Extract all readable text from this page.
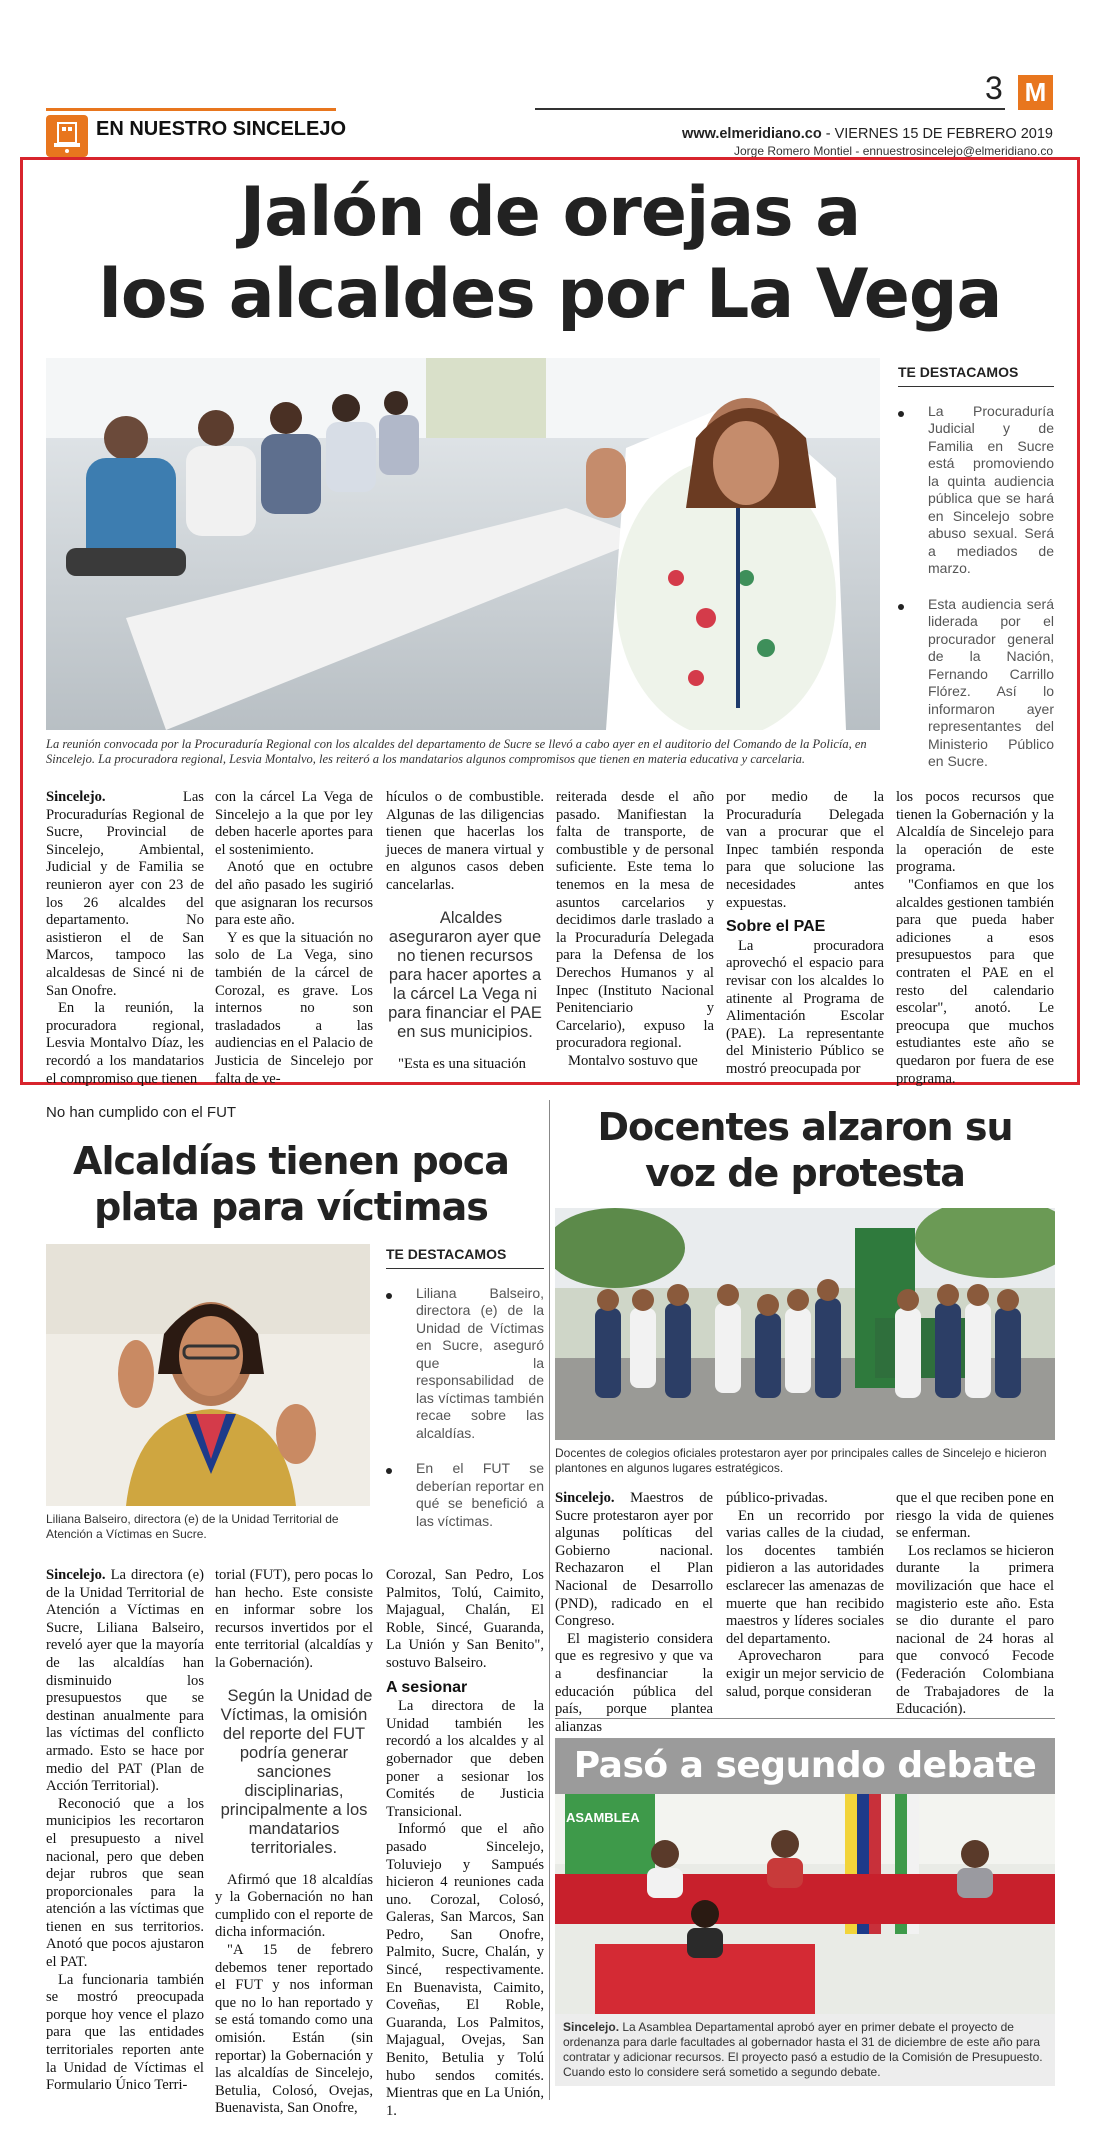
EN NUESTRO SINCELEJO
3 M
www.elmeridiano.co - VIERNES 15 DE FEBRERO 2019
Jorge Romero Montiel - ennuestrosincelejo@elmeridiano.co
Jalón de orejas a
los alcaldes por La Vega
La reunión convocada por la Procuraduría Regional con los alcaldes del departamento de Sucre se llevó a cabo ayer en el auditorio del Comando de la Policía, en Sincelejo. La procuradora regional, Lesvia Montalvo, les reiteró a los mandatarios algunos compromisos que tienen en materia educativa y carcelaria.
TE DESTACAMOS
La Procuraduría Judicial y de Familia en Sucre está promoviendo la quinta audiencia pública que se hará en Sincelejo sobre abuso sexual. Será a mediados de marzo.
Esta audiencia será liderada por el procurador general de la Nación, Fernando Carrillo Flórez. Así lo informaron ayer representantes del Ministerio Público en Sucre.

Sincelejo. Las Procuradurías Regional de Sucre, Provincial de Sincelejo, Ambiental, Judicial y de Familia se reunieron ayer con 23 de los 26 alcaldes del departamento. No asistieron el de San Marcos, tampoco las alcaldesas de Sincé ni de San Onofre.

En la reunión, la procuradora regional, Lesvia Montalvo Díaz, les recordó a los mandatarios el compromiso que tienen

con la cárcel La Vega de Sincelejo a la que por ley deben hacerle aportes para el sostenimiento.

Anotó que en octubre del año pasado les sugirió que asignaran los recursos para este año.

Y es que la situación no solo de La Vega, sino también de la cárcel de Corozal, es grave. Los internos no son trasladados a las audiencias en el Palacio de Justicia de Sincelejo por falta de ve-

hículos o de combustible. Algunas de las diligencias tienen que hacerlas los jueces de manera virtual y en algunos casos deben cancelarlas.

Alcaldes aseguraron ayer que no tienen recursos para hacer aportes a la cárcel La Vega ni para financiar el PAE en sus municipios.

"Esta es una situación

reiterada desde el año pasado. Manifiestan la falta de transporte, de combustible y de personal suficiente. Este tema lo tenemos en la mesa de asuntos carcelarios y decidimos darle traslado a la Procuraduría Delegada para la Defensa de los Derechos Humanos y al Inpec (Instituto Nacional Penitenciario y Carcelario), expuso la procuradora regional.

Montalvo sostuvo que

por medio de la Procuraduría Delegada van a procurar que el Inpec también responda para que solucione las necesidades antes expuestas.

Sobre el PAE

La procuradora aprovechó el espacio para revisar con los alcaldes lo atinente al Programa de Alimentación Escolar (PAE). La representante del Ministerio Público se mostró preocupada por

los pocos recursos que tienen la Gobernación y la Alcaldía de Sincelejo para la operación de este programa.

"Confiamos en que los alcaldes gestionen también para que pueda haber adiciones a esos presupuestos para que contraten el PAE en el resto del calendario escolar", anotó. Le preocupa que muchos estudiantes este año se quedaron por fuera de ese programa.

No han cumplido con el FUT
Alcaldías tienen poca
plata para víctimas
Liliana Balseiro, directora (e) de la Unidad Territorial de Atención a Víctimas en Sucre.
TE DESTACAMOS
Liliana Balseiro, directora (e) de la Unidad de Víctimas en Sucre, aseguró que la responsabilidad de las víctimas también recae sobre las alcaldías.
En el FUT se deberían reportar en qué se benefició a las víctimas.

Sincelejo. La directora (e) de la Unidad Territorial de Atención a Víctimas en Sucre, Liliana Balseiro, reveló ayer que la mayoría de las alcaldías han disminuido los presupuestos que se destinan anualmente para las víctimas del conflicto armado. Esto se hace por medio del PAT (Plan de Acción Territorial).

Reconoció que a los municipios les recortaron el presupuesto a nivel nacional, pero que deben dejar rubros que sean proporcionales para la atención a las víctimas que tienen en sus territorios. Anotó que pocos ajustaron el PAT.

La funcionaria también se mostró preocupada porque hoy vence el plazo para que las entidades territoriales reporten ante la Unidad de Víctimas el Formulario Único Terri-

torial (FUT), pero pocas lo han hecho. Este consiste en informar sobre los recursos invertidos por el ente territorial (alcaldías y la Gobernación).

Según la Unidad de Víctimas, la omisión del reporte del FUT podría generar sanciones disciplinarias, principalmente a los mandatarios territoriales.

Afirmó que 18 alcaldías y la Gobernación no han cumplido con el reporte de dicha información.

"A 15 de febrero debemos tener reportado el FUT y nos informan que no lo han reportado y se está tomando como una omisión. Están (sin reportar) la Gobernación y las alcaldías de Sincelejo, Betulia, Colosó, Ovejas, Buenavista, San Onofre,

Corozal, San Pedro, Los Palmitos, Tolú, Caimito, Majagual, Chalán, El Roble, Sincé, Guaranda, La Unión y San Benito", sostuvo Balseiro.

A sesionar

La directora de la Unidad también les recordó a los alcaldes y al gobernador que deben poner a sesionar los Comités de Justicia Transicional.

Informó que el año pasado Sincelejo, Toluviejo y Sampués hicieron 4 reuniones cada uno. Corozal, Colosó, Galeras, San Marcos, San Pedro, San Onofre, Palmito, Sucre, Chalán, y Sincé, respectivamente. En Buenavista, Caimito, Coveñas, El Roble, Guaranda, Los Palmitos, Majagual, Ovejas, San Benito, Betulia y Tolú hubo sendos comités. Mientras que en La Unión, 1.

Docentes alzaron su
voz de protesta
Docentes de colegios oficiales protestaron ayer por principales calles de Sincelejo e hicieron plantones en algunos lugares estratégicos.

Sincelejo. Maestros de Sucre protestaron ayer por algunas políticas del Gobierno nacional. Rechazaron el Plan Nacional de Desarrollo (PND), radicado en el Congreso.

El magisterio considera que es regresivo y que va a desfinanciar la educación pública del país, porque plantea alianzas

público-privadas.

En un recorrido por varias calles de la ciudad, los docentes también pidieron a las autoridades esclarecer las amenazas de muerte que han recibido maestros y líderes sociales del departamento.

Aprovecharon para exigir un mejor servicio de salud, porque consideran

que el que reciben pone en riesgo la vida de quienes se enferman.

Los reclamos se hicieron durante la primera movilización que hace el magisterio este año. Esta se dio durante el paro nacional de 24 horas al que convocó Fecode (Federación Colombiana de Trabajadores de la Educación).

Pasó a segundo debate
ASAMBLEA
Sincelejo. La Asamblea Departamental aprobó ayer en primer debate el proyecto de ordenanza para darle facultades al gobernador hasta el 31 de diciembre de este año para contratar y adicionar recursos. El proyecto pasó a estudio de la Comisión de Presupuesto. Cuando esto lo considere será sometido a segundo debate.
